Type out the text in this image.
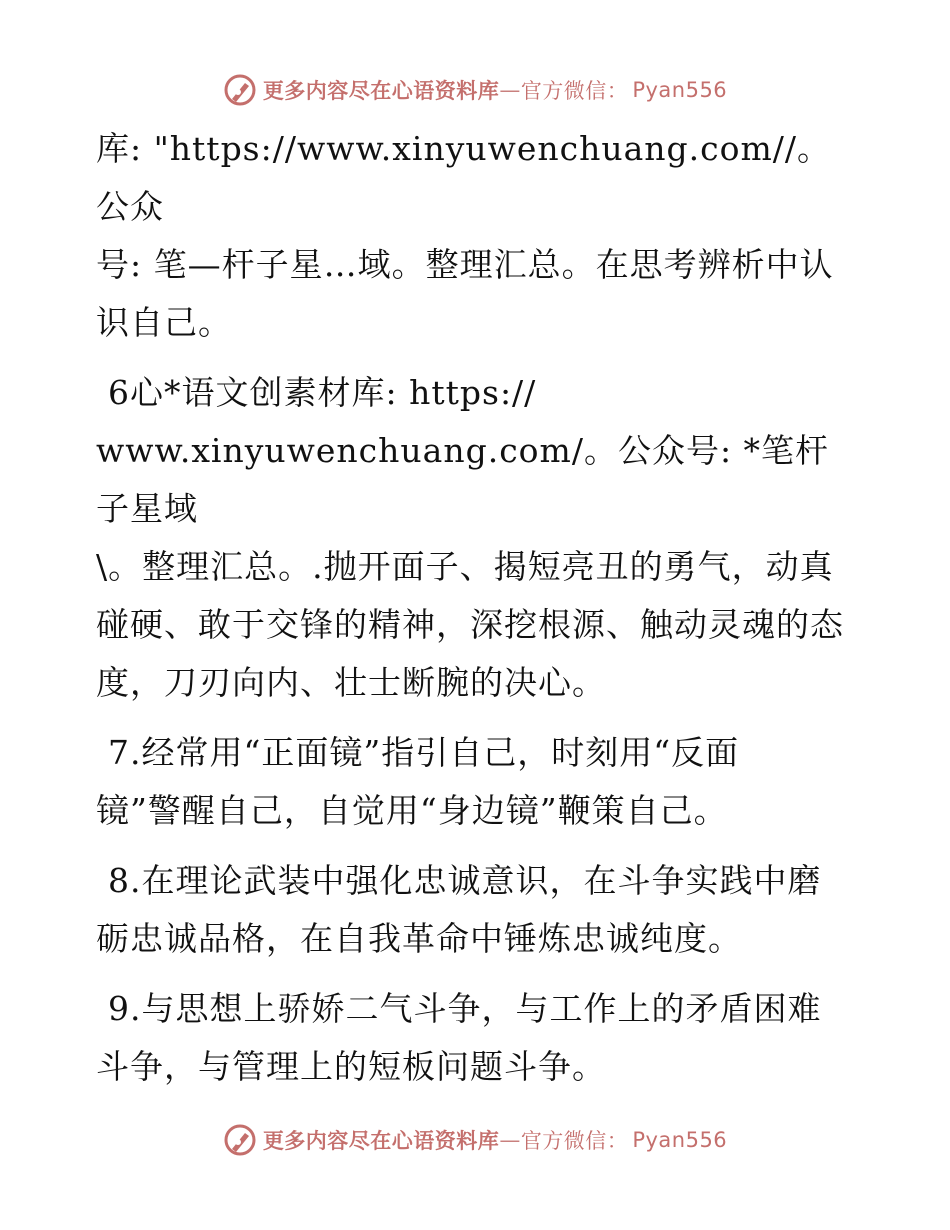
更多内容尽在心语资料库 — 官方微信： Pyan556

库: "https://www.xinyuwenchuang.com//。公众
号: 笔—杆子星…域。整理汇总。在思考辨析中认
识自己。

6心*语文创素材库: https://
www.xinyuwenchuang.com/。公众号: *笔杆子星域
\。整理汇总。.抛开面子、揭短亮丑的勇气，动真
碰硬、敢于交锋的精神，深挖根源、触动灵魂的态
度，刀刃向内、壮士断腕的决心。

7.经常用“正面镜”指引自己，时刻用“反面
镜”警醒自己，自觉用“身边镜”鞭策自己。

8.在理论武装中强化忠诚意识，在斗争实践中磨
砺忠诚品格，在自我革命中锤炼忠诚纯度。

9.与思想上骄娇二气斗争，与工作上的矛盾困难
斗争，与管理上的短板问题斗争。

更多内容尽在心语资料库 — 官方微信： Pyan556
